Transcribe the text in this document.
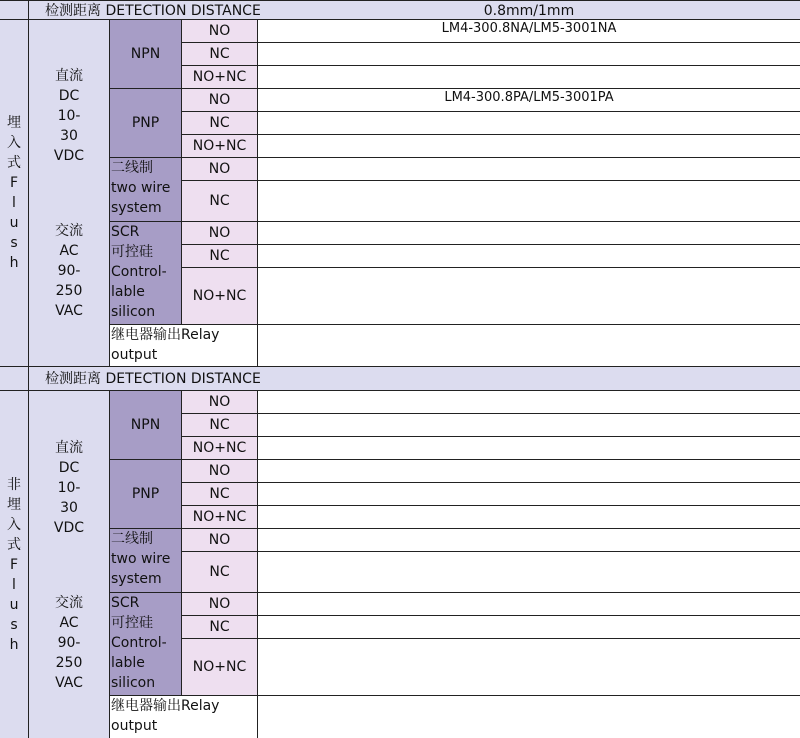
检测距离 DETECTION DISTANCE	0.8mm/1mm
埋
入
式
F
l
u
s
h
直流
DC
10-
30
VDC
交流
AC
90-
250
VAC
NPN
PNP
二线制
two wire
system
SCR
可控硅
Control-
lable
silicon
继电器输出Relay
output
NO
NC
NO+NC
NO
NC
NO+NC
NO
NC
NO
NC
NO+NC
LM4-300.8NA/LM5-3001NA
LM4-300.8PA/LM5-3001PA
检测距离 DETECTION DISTANCE
非
埋
入
式
F
l
u
s
h
直流
DC
10-
30
VDC
交流
AC
90-
250
VAC
NPN
PNP
二线制
two wire
system
SCR
可控硅
Control-
lable
silicon
继电器输出Relay
output
NO
NC
NO+NC
NO
NC
NO+NC
NO
NC
NO
NC
NO+NC
